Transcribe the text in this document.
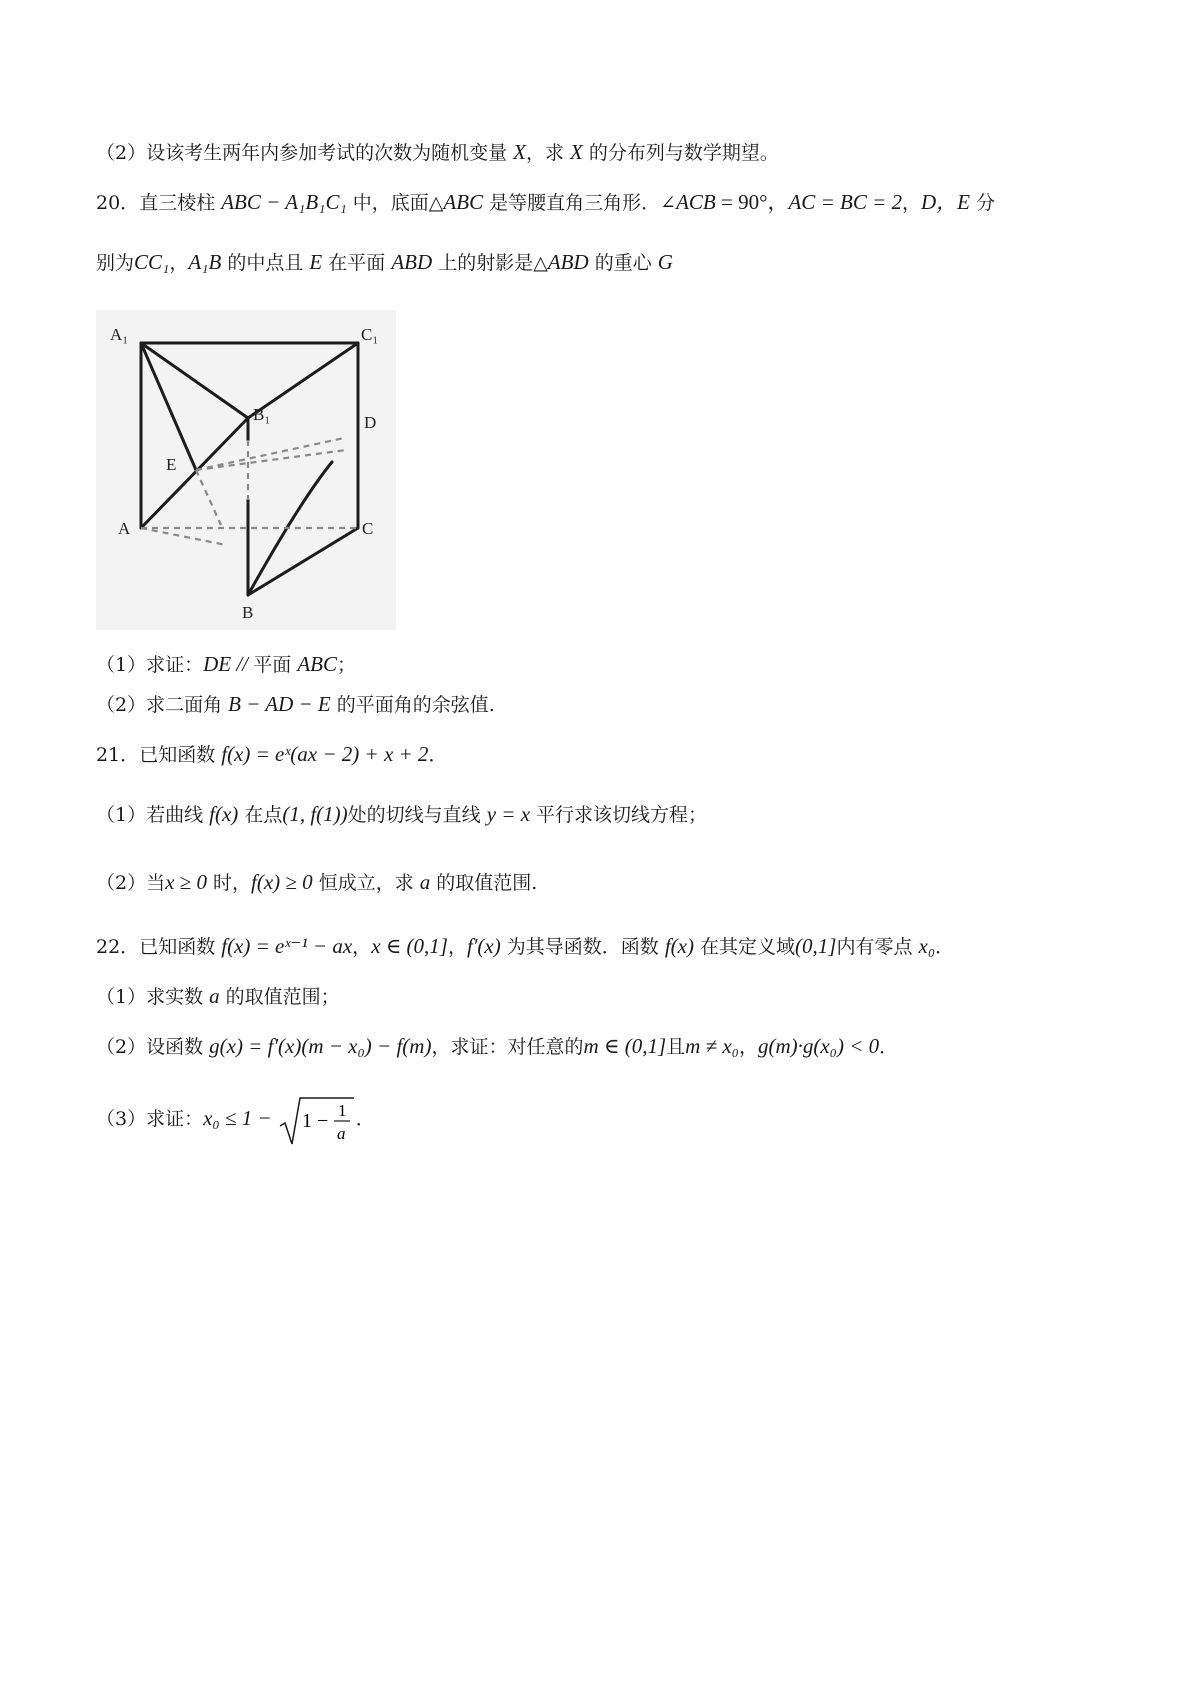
（2）设该考生两年内参加考试的次数为随机变量 X，求 X 的分布列与数学期望。
20．直三棱柱 ABC − A₁B₁C₁ 中，底面△ABC 是等腰直角三角形．∠ACB = 90°，AC = BC = 2，D，E 分
别为CC₁，A₁B 的中点且 E 在平面 ABD 上的射影是△ABD 的重心 G
A₁	C₁
B₁	D
E
A	C
B
（1）求证：DE // 平面 ABC；
（2）求二面角 B − AD − E 的平面角的余弦值.
21．已知函数 f(x) = eˣ(ax − 2) + x + 2．
（1）若曲线 f(x) 在点(1, f(1))处的切线与直线 y = x 平行求该切线方程；
（2）当x ≥ 0 时，f(x) ≥ 0 恒成立，求 a 的取值范围.
22．已知函数 f(x) = eˣ⁻¹ − ax，x ∈ (0,1]，f′(x) 为其导函数．函数 f(x) 在其定义域(0,1]内有零点 x₀．
（1）求实数 a 的取值范围；
（2）设函数 g(x) = f′(x)(m − x₀) − f(m)，求证：对任意的m ∈ (0,1]且m ≠ x₀，g(m)·g(x₀) < 0．
（3）求证：x₀ ≤ 1 − 1 − 1
a
．
